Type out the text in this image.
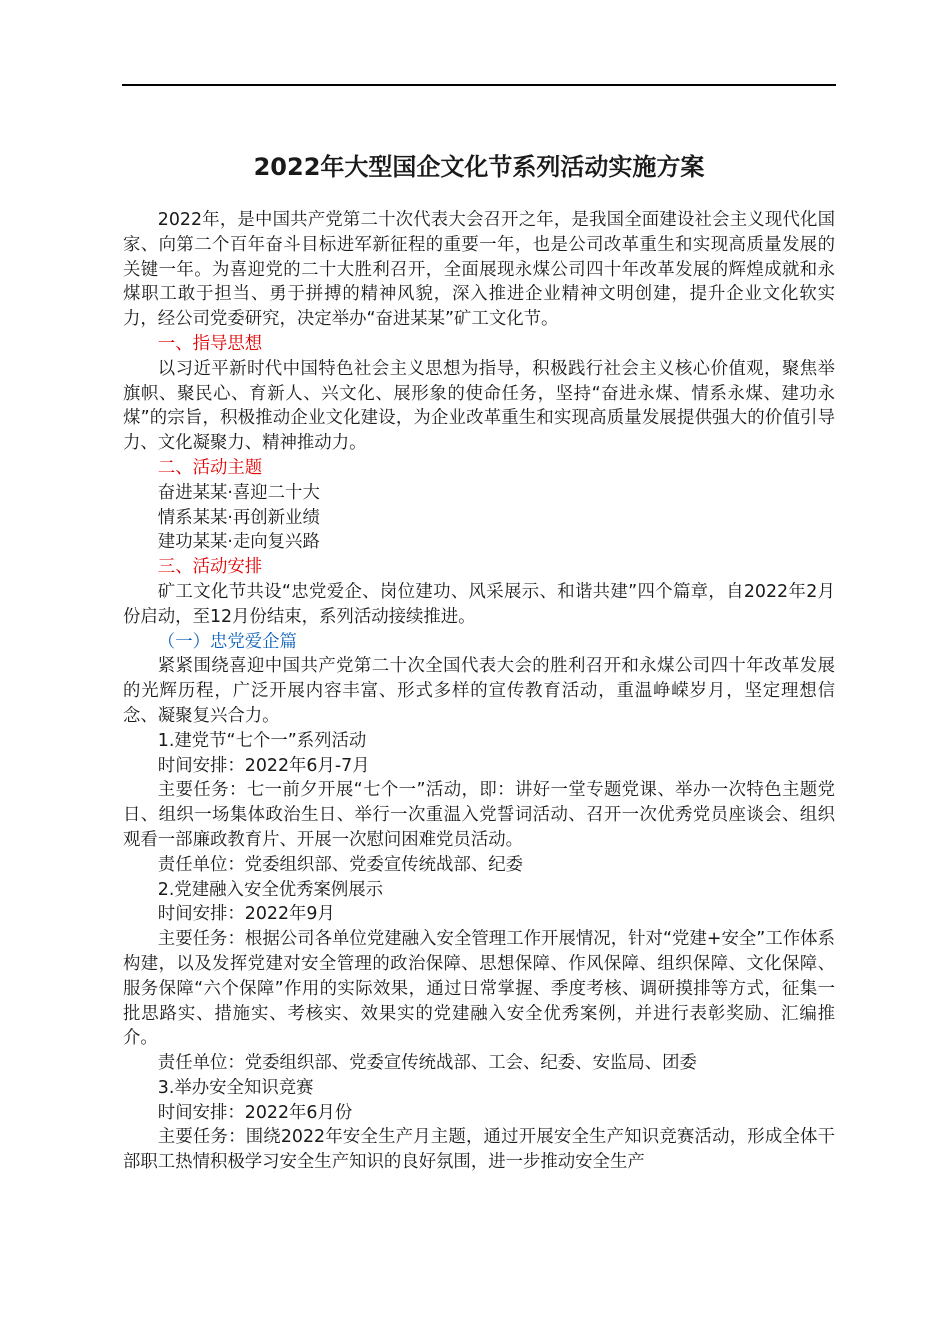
2022年大型国企文化节系列活动实施方案

2022年，是中国共产党第二十次代表大会召开之年，是我国全面建设社会主义现代化国家、向第二个百年奋斗目标进军新征程的重要一年，也是公司改革重生和实现高质量发展的关键一年。为喜迎党的二十大胜利召开，全面展现永煤公司四十年改革发展的辉煌成就和永煤职工敢于担当、勇于拼搏的精神风貌，深入推进企业精神文明创建，提升企业文化软实力，经公司党委研究，决定举办“奋进某某”矿工文化节。

一、指导思想

以习近平新时代中国特色社会主义思想为指导，积极践行社会主义核心价值观，聚焦举旗帜、聚民心、育新人、兴文化、展形象的使命任务，坚持“奋进永煤、情系永煤、建功永煤”的宗旨，积极推动企业文化建设，为企业改革重生和实现高质量发展提供强大的价值引导力、文化凝聚力、精神推动力。

二、活动主题

奋进某某·喜迎二十大

情系某某·再创新业绩

建功某某·走向复兴路

三、活动安排

矿工文化节共设“忠党爱企、岗位建功、风采展示、和谐共建”四个篇章，自2022年2月份启动，至12月份结束，系列活动接续推进。

（一）忠党爱企篇

紧紧围绕喜迎中国共产党第二十次全国代表大会的胜利召开和永煤公司四十年改革发展的光辉历程，广泛开展内容丰富、形式多样的宣传教育活动，重温峥嵘岁月，坚定理想信念、凝聚复兴合力。

1.建党节“七个一”系列活动

时间安排：2022年6月-7月

主要任务：七一前夕开展“七个一”活动，即：讲好一堂专题党课、举办一次特色主题党日、组织一场集体政治生日、举行一次重温入党誓词活动、召开一次优秀党员座谈会、组织观看一部廉政教育片、开展一次慰问困难党员活动。

责任单位：党委组织部、党委宣传统战部、纪委

2.党建融入安全优秀案例展示

时间安排：2022年9月

主要任务：根据公司各单位党建融入安全管理工作开展情况，针对“党建+安全”工作体系构建，以及发挥党建对安全管理的政治保障、思想保障、作风保障、组织保障、文化保障、服务保障“六个保障”作用的实际效果，通过日常掌握、季度考核、调研摸排等方式，征集一批思路实、措施实、考核实、效果实的党建融入安全优秀案例，并进行表彰奖励、汇编推介。

责任单位：党委组织部、党委宣传统战部、工会、纪委、安监局、团委

3.举办安全知识竞赛

时间安排：2022年6月份

主要任务：围绕2022年安全生产月主题，通过开展安全生产知识竞赛活动，形成全体干部职工热情积极学习安全生产知识的良好氛围，进一步推动安全生产
